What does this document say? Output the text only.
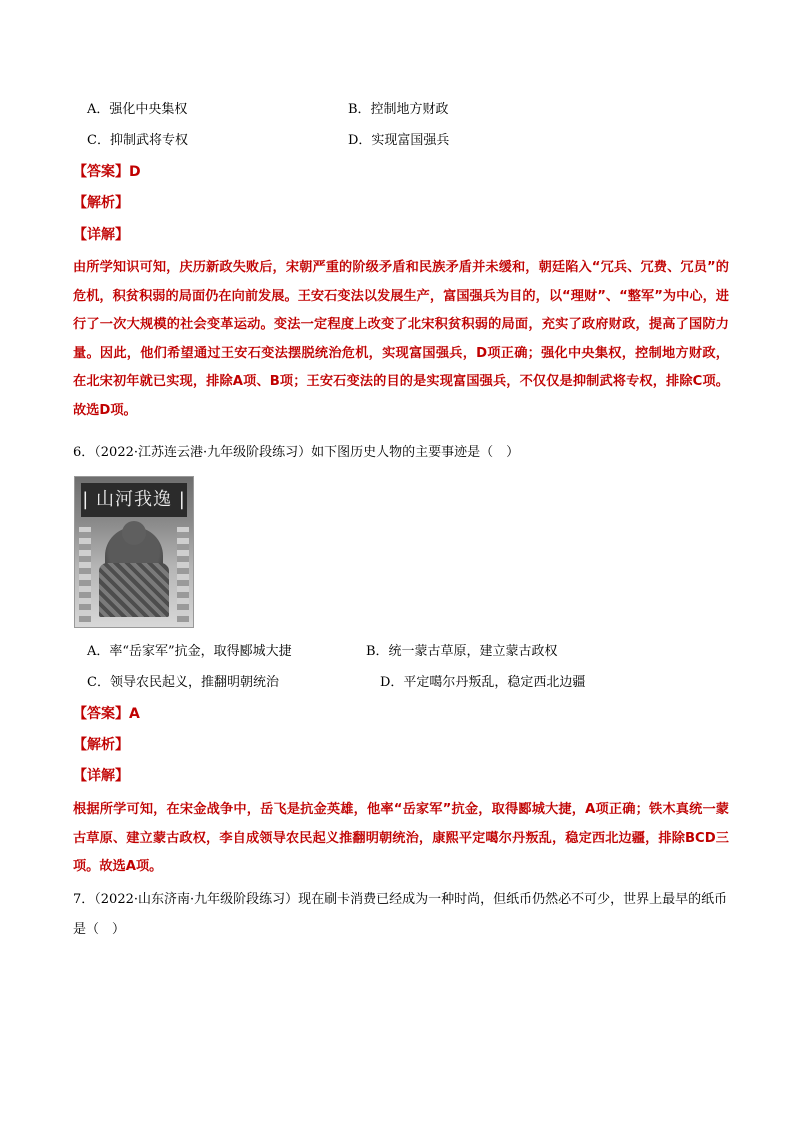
A．强化中央集权	B．控制地方财政
C．抑制武将专权	D．实现富国强兵
【答案】D
【解析】
【详解】
由所学知识可知，庆历新政失败后，宋朝严重的阶级矛盾和民族矛盾并未缓和，朝廷陷入“冗兵、冗费、冗员”的危机，积贫积弱的局面仍在向前发展。王安石变法以发展生产，富国强兵为目的，以“理财”、“整军”为中心，进行了一次大规模的社会变革运动。变法一定程度上改变了北宋积贫积弱的局面，充实了政府财政，提高了国防力量。因此，他们希望通过王安石变法摆脱统治危机，实现富国强兵，D项正确；强化中央集权，控制地方财政，在北宋初年就已实现，排除A项、B项；王安石变法的目的是实现富国强兵，不仅仅是抑制武将专权，排除C项。故选D项。
6．（2022·江苏连云港·九年级阶段练习）如下图历史人物的主要事迹是（　）
| 山河我逸 |
A．率“岳家军”抗金，取得郾城大捷	B．统一蒙古草原，建立蒙古政权
C．领导农民起义，推翻明朝统治	D．平定噶尔丹叛乱，稳定西北边疆
【答案】A
【解析】
【详解】
根据所学可知，在宋金战争中，岳飞是抗金英雄，他率“岳家军”抗金，取得郾城大捷，A项正确；铁木真统一蒙古草原、建立蒙古政权，李自成领导农民起义推翻明朝统治，康熙平定噶尔丹叛乱，稳定西北边疆，排除BCD三项。故选A项。
7．（2022·山东济南·九年级阶段练习）现在刷卡消费已经成为一种时尚，但纸币仍然必不可少，世界上最早的纸币是（　）
